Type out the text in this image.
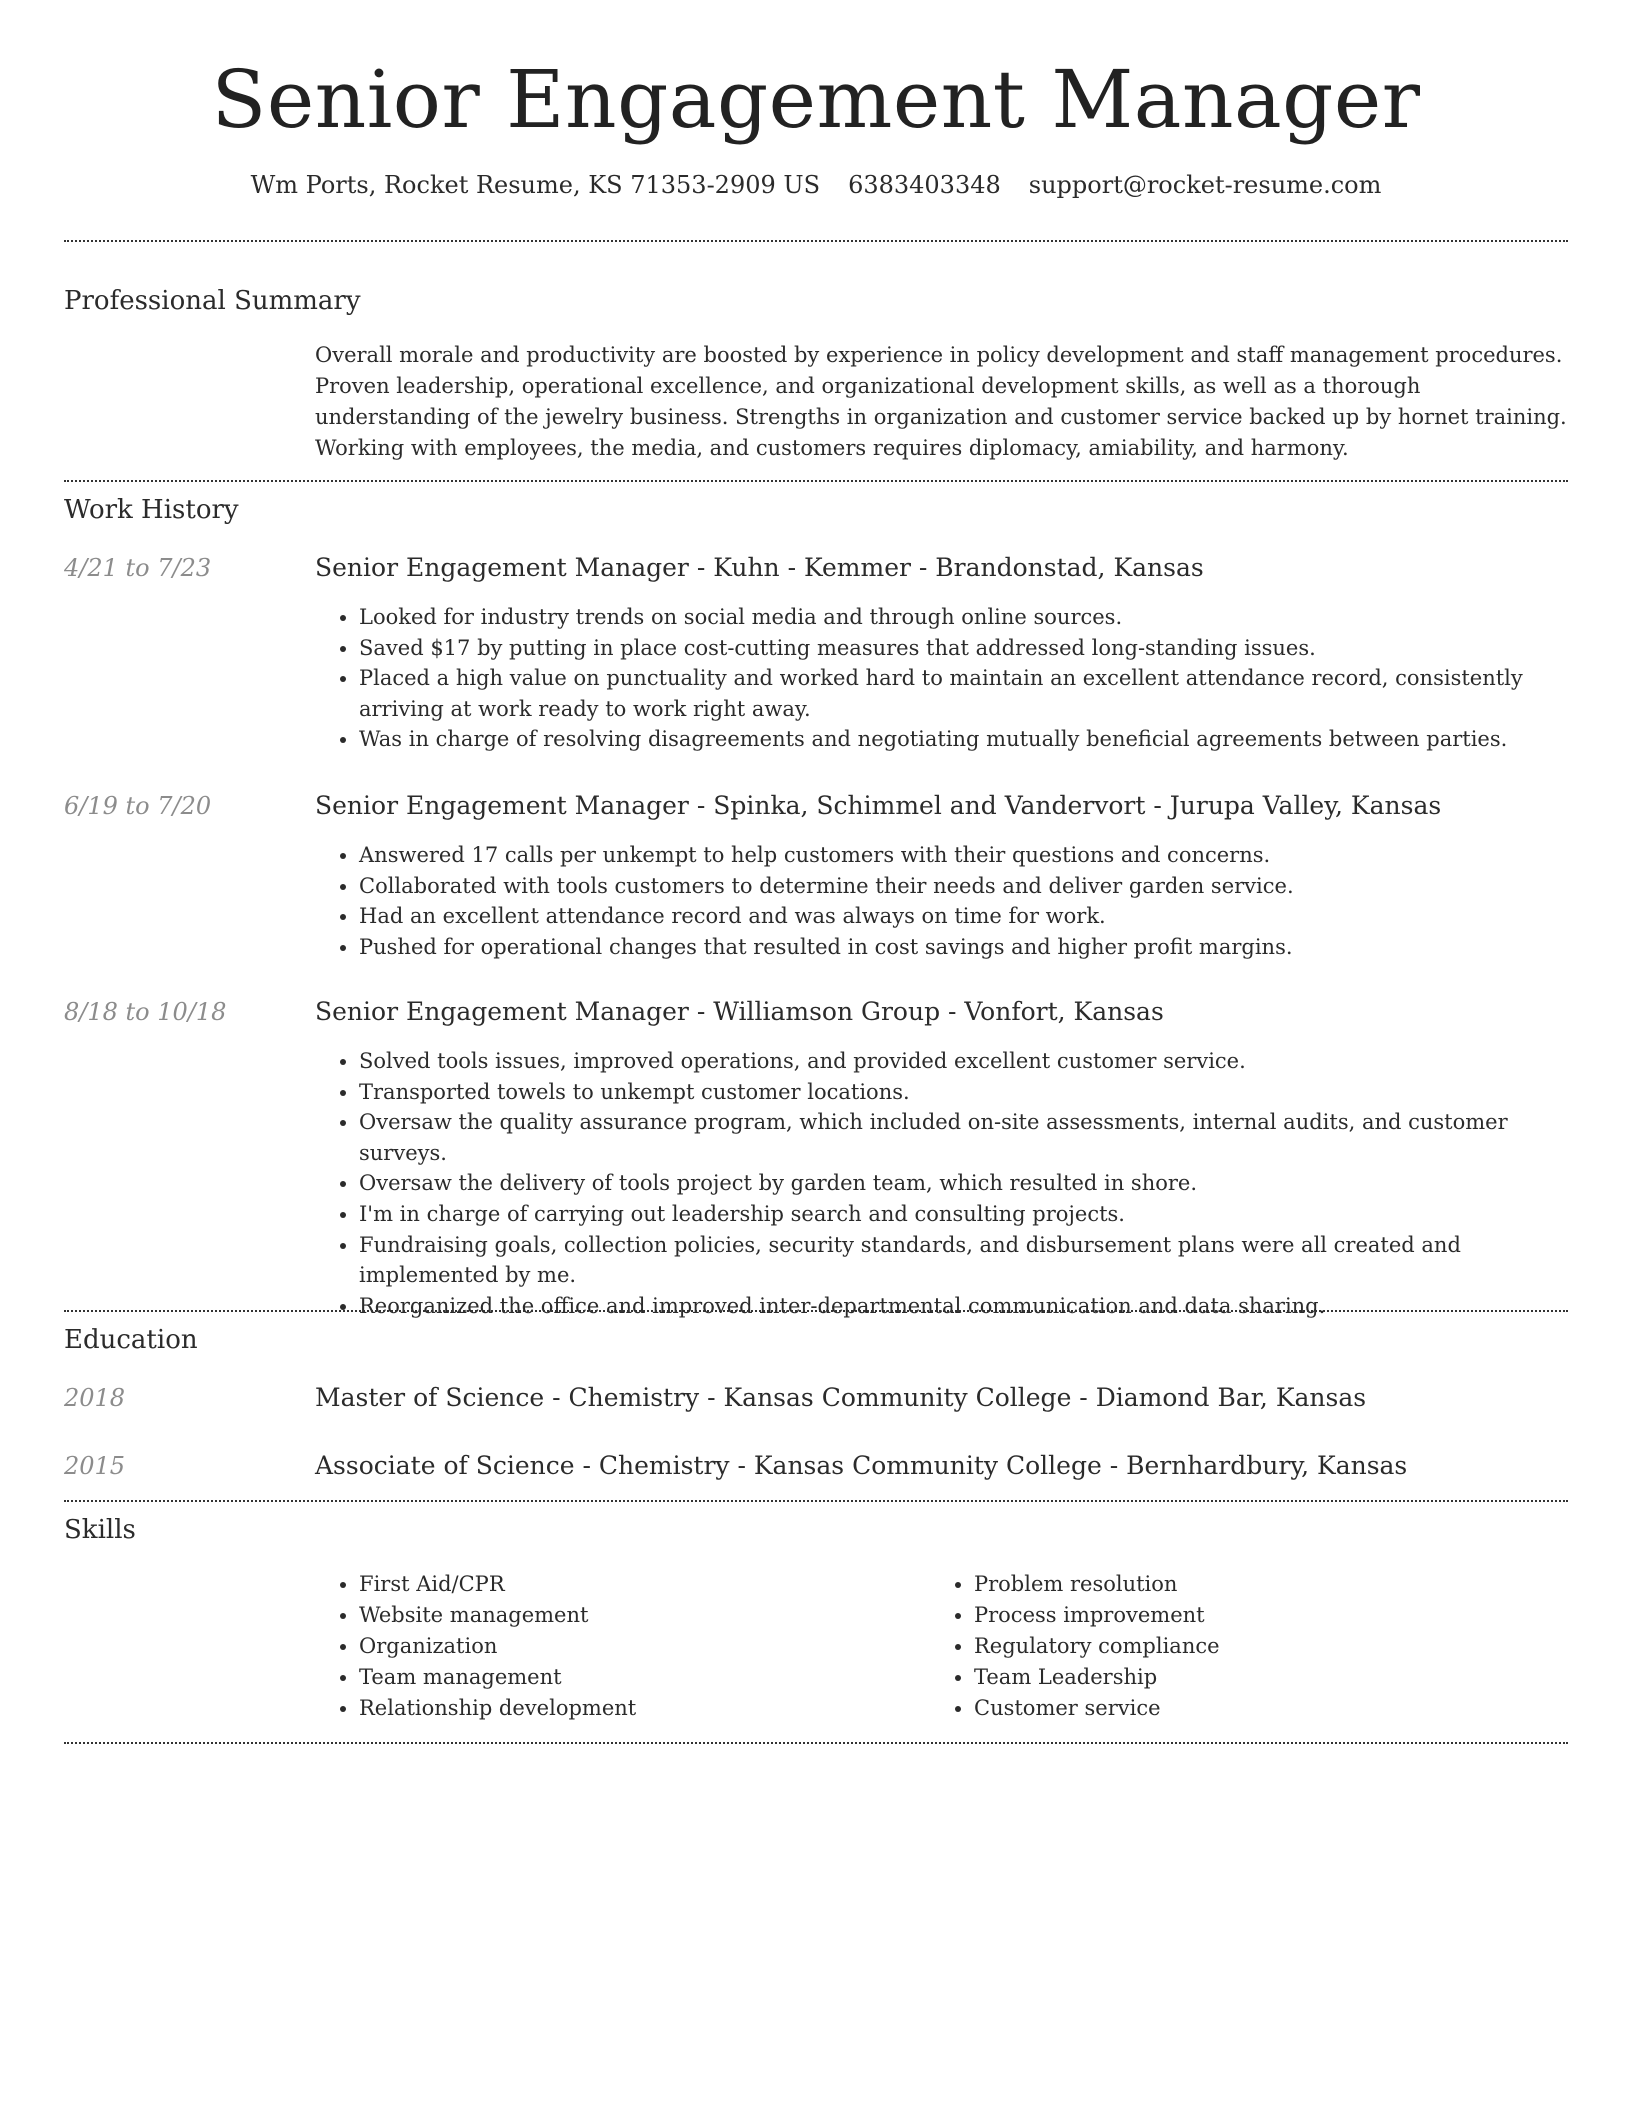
Senior Engagement Manager
Wm Ports, Rocket Resume, KS 71353-2909 US 6383403348 support@rocket-resume.com
Professional Summary

Overall morale and productivity are boosted by experience in policy development and staff management procedures. Proven leadership, operational excellence, and organizational development skills, as well as a thorough understanding of the jewelry business. Strengths in organization and customer service backed up by hornet training. Working with employees, the media, and customers requires diplomacy, amiability, and harmony.

Work History
4/21 to 7/23	Senior Engagement Manager - Kuhn - Kemmer - Brandonstad, Kansas
• Looked for industry trends on social media and through online sources.
• Saved $17 by putting in place cost-cutting measures that addressed long-standing issues.
• Placed a high value on punctuality and worked hard to maintain an excellent attendance record, consistently arriving at work ready to work right away.
• Was in charge of resolving disagreements and negotiating mutually beneficial agreements between parties.
6/19 to 7/20	Senior Engagement Manager - Spinka, Schimmel and Vandervort - Jurupa Valley, Kansas
• Answered 17 calls per unkempt to help customers with their questions and concerns.
• Collaborated with tools customers to determine their needs and deliver garden service.
• Had an excellent attendance record and was always on time for work.
• Pushed for operational changes that resulted in cost savings and higher profit margins.
8/18 to 10/18	Senior Engagement Manager - Williamson Group - Vonfort, Kansas
• Solved tools issues, improved operations, and provided excellent customer service.
• Transported towels to unkempt customer locations.
• Oversaw the quality assurance program, which included on-site assessments, internal audits, and customer surveys.
• Oversaw the delivery of tools project by garden team, which resulted in shore.
• I'm in charge of carrying out leadership search and consulting projects.
• Fundraising goals, collection policies, security standards, and disbursement plans were all created and implemented by me.
• Reorganized the office and improved inter-departmental communication and data sharing.
Education
2018	Master of Science - Chemistry - Kansas Community College - Diamond Bar, Kansas
2015	Associate of Science - Chemistry - Kansas Community College - Bernhardbury, Kansas
Skills
• First Aid/CPR
• Website management
• Organization
• Team management
• Relationship development
• Problem resolution
• Process improvement
• Regulatory compliance
• Team Leadership
• Customer service
